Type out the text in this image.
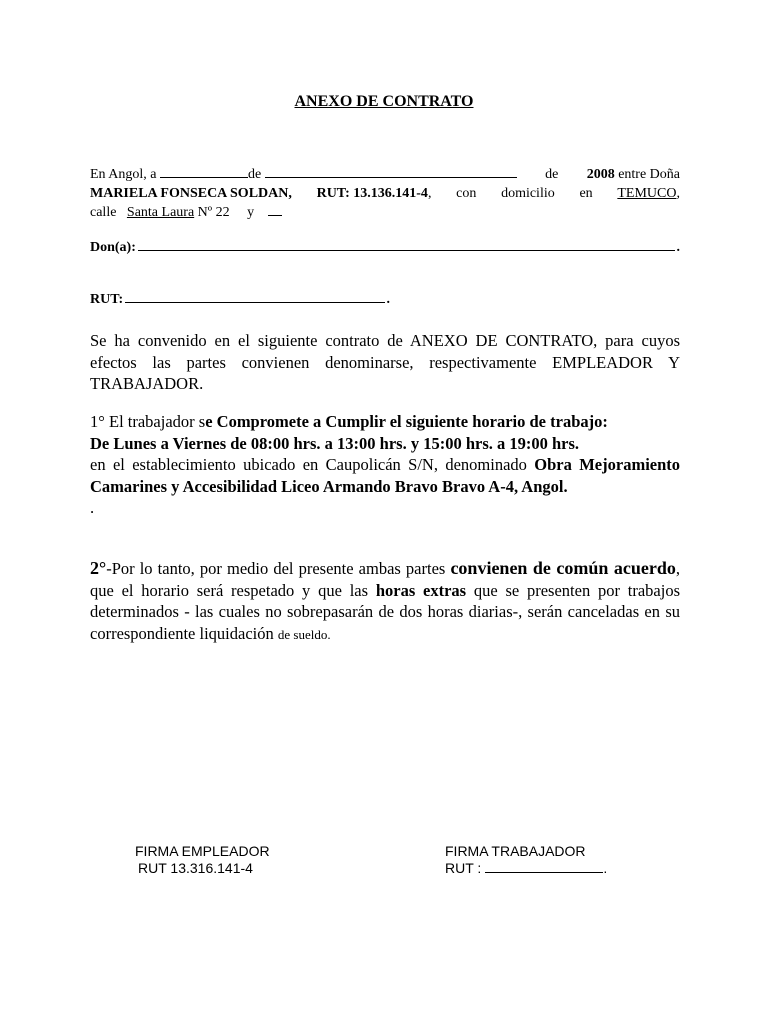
ANEXO DE CONTRATO
En Angol, a	de	de 2008 entre Doña
MARIELA FONSECA SOLDAN, RUT: 13.136.141-4, con domicilio en TEMUCO,
calle Santa Laura Nº 22 y
Don(a):	.
RUT:	.
Se ha convenido en el siguiente contrato de ANEXO DE CONTRATO, para cuyos efectos las partes convienen denominarse, respectivamente EMPLEADOR Y TRABAJADOR.
1° El trabajador se Compromete a Cumplir el siguiente horario de trabajo:
De Lunes a Viernes de 08:00 hrs. a 13:00 hrs. y 15:00 hrs. a 19:00 hrs.
en el establecimiento ubicado en Caupolicán S/N, denominado Obra Mejoramiento Camarines y Accesibilidad Liceo Armando Bravo Bravo A-4, Angol.
.
2°-Por lo tanto, por medio del presente ambas partes convienen de común acuerdo, que el horario será respetado y que las horas extras que se presenten por trabajos determinados - las cuales no sobrepasarán de dos horas diarias-, serán canceladas en su correspondiente liquidación de sueldo.
FIRMA EMPLEADOR
RUT 13.316.141-4
FIRMA TRABAJADOR
RUT :	.
